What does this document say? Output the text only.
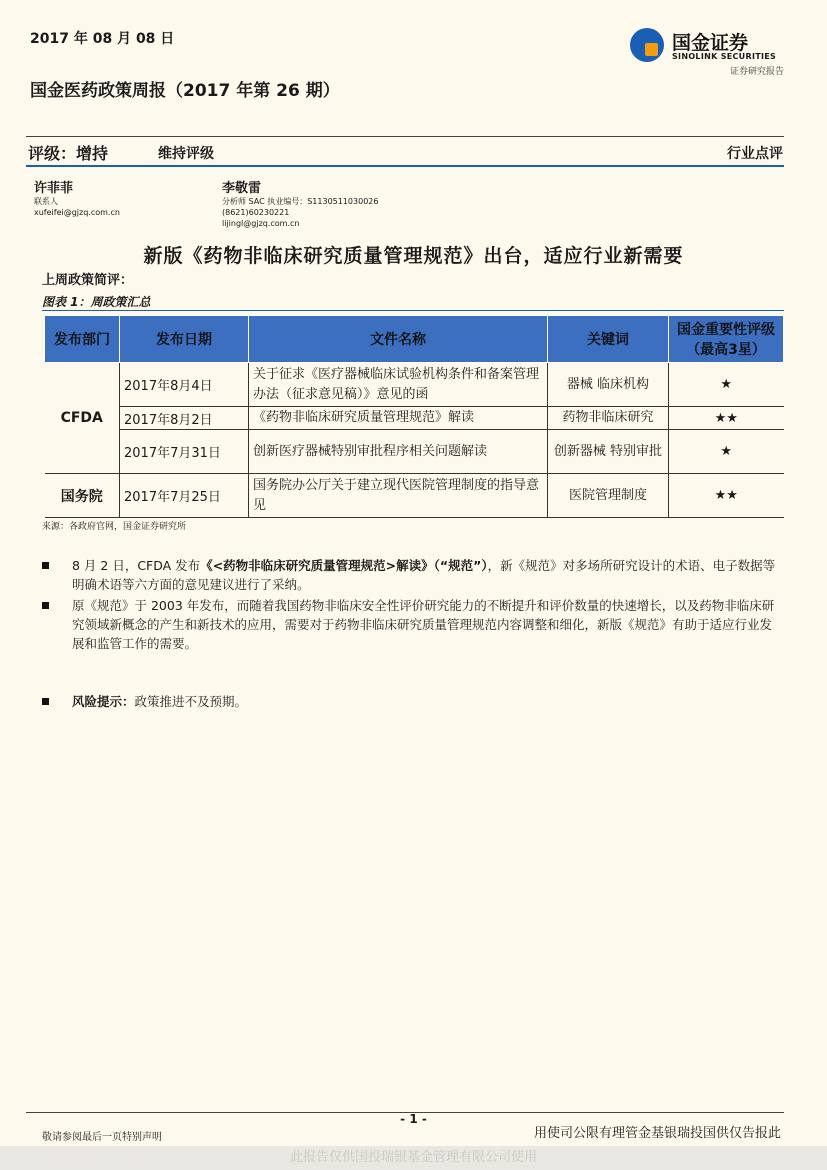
2017 年 08 月 08 日
国金医药政策周报（2017 年第 26 期）
国金证券
SINOLINK SECURITIES
证券研究报告
评级：增持	维持评级	行业点评
许菲菲
联系人
xufeifei@gjzq.com.cn
李敬雷
分析师 SAC 执业编号：S1130511030026
(8621)60230221
lijingl@gjzq.com.cn
新版《药物非临床研究质量管理规范》出台，适应行业新需要
上周政策简评：
图表 1：周政策汇总
发布部门	发布日期	文件名称	关键词	国金重要性评级（最高3星）
CFDA	2017年8月4日	关于征求《医疗器械临床试验机构条件和备案管理办法（征求意见稿）》意见的函	器械 临床机构	★
	2017年8月2日	《药物非临床研究质量管理规范》解读	药物非临床研究	★★
	2017年7月31日	创新医疗器械特别审批程序相关问题解读	创新器械 特别审批	★
国务院	2017年7月25日	国务院办公厅关于建立现代医院管理制度的指导意见	医院管理制度	★★
来源：各政府官网，国金证券研究所
8 月 2 日，CFDA 发布《<药物非临床研究质量管理规范>解读》（“规范”），新《规范》对多场所研究设计的术语、电子数据等明确术语等六方面的意见建议进行了采纳。
原《规范》于 2003 年发布，而随着我国药物非临床安全性评价研究能力的不断提升和评价数量的快速增长，以及药物非临床研究领域新概念的产生和新技术的应用，需要对于药物非临床研究质量管理规范内容调整和细化，新版《规范》有助于适应行业发展和监管工作的需要。
风险提示：政策推进不及预期。
- 1 -
敬请参阅最后一页特别声明	用使司公限有理管金基银瑞投国供仅告报此
此报告仅供国投瑞银基金管理有限公司使用
